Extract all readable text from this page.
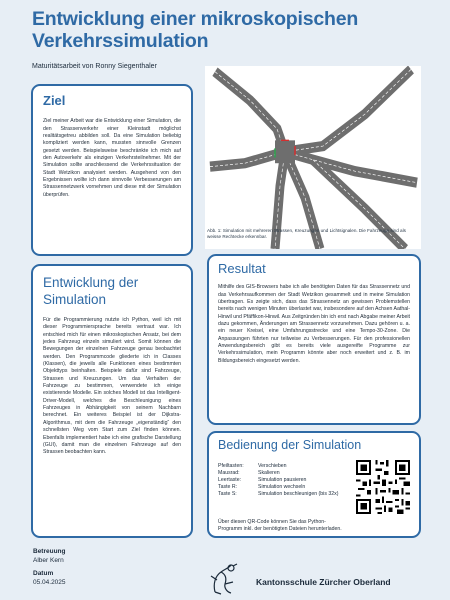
Entwicklung einer mikroskopischen Verkehrssimulation
Maturitätsarbeit von Ronny Siegenthaler
Ziel

Ziel meiner Arbeit war die Entwicklung einer Simulation, die den Strassenverkehr einer Kleinstadt möglichst realitätsgetreu abbilden soll. Da eine Simulation beliebig kompliziert werden kann, mussten sinnvolle Grenzen gesetzt werden. Beispielsweise beschränkte ich mich auf den Autoverkehr als einzigen Verkehrsteilnehmer. Mit der Simulation sollte anschliessend die Verkehrssituation der Stadt Wetzikon analysiert werden. Ausgehend von den Ergebnissen wollte ich dann sinnvolle Verbesserungen am Strassennetzwerk vornehmen und diese mit der Simulation überprüfen.

Entwicklung der Simulation

Für die Programmierung nutzte ich Python, weil ich mit dieser Programmiersprache bereits vertraut war. Ich entschied mich für einen mikroskopischen Ansatz, bei dem jedes Fahrzeug einzeln simuliert wird. Somit können die Bewegungen der einzelnen Fahrzeuge genau beobachtet werden. Den Programmcode gliederte ich in Classes (Klassen), die jeweils alle Funktionen eines bestimmten Objekttyps beinhalten. Beispiele dafür sind Fahrzeuge, Strassen und Kreuzungen. Um das Verhalten der Fahrzeuge zu bestimmen, verwendete ich einige existierende Modelle. Ein solches Modell ist das Intelligent-Driver-Modell, welches die Beschleunigung eines Fahrzeuges in Abhängigkeit von seinem Nachbarn berechnet. Ein weiteres Beispiel ist der Dijkstra-Algorithmus, mit dem die Fahrzeuge „eigenständig“ den schnellsten Weg vom Start zum Ziel finden können. Ebenfalls implementiert habe ich eine grafische Darstellung (GUI), damit man die einzelnen Fahrzeuge auf den Strassen beobachten kann.

Betreuung
Alber Kern
Datum
05.04.2025
Abb. 1: Simulation mit mehreren Strassen, Kreuzungen und Lichtsignalen. Die Fahrzeuge sind als weisse Rechtecke erkennbar.
Resultat

Mithilfe des GIS-Browsers habe ich alle benötigten Daten für das Strassennetz und das Verkehrsaufkommen der Stadt Wetzikon gesammelt und in meine Simulation übertragen. Es zeigte sich, dass das Strassennetz an gewissen Problemstellen bereits nach wenigen Minuten überlastet war, insbesondere auf den Achsen Aathal-Hinwil und Pfäffikon-Hinwil. Aus Zeitgründen bin ich erst nach Abgabe meiner Arbeit dazu gekommen, Änderungen am Strassennetz vorzunehmen. Dazu gehören u. a. ein neuer Kreisel, eine Umfahrungsstrecke und eine Tempo-30-Zone. Die Anpassungen führten nur teilweise zu Verbesserungen. Für den professionellen Anwendungsbereich gibt es bereits viele ausgereifte Programme zur Verkehrssimulation, mein Programm könnte aber noch erweitert und z. B. im Bildungsbereich eingesetzt werden.

Bedienung der Simulation
Pfeiltasten:	Verschieben
Mausrad:	Skalieren
Leertaste:	Simulation pausieren
Taste R:	Simulation wechseln
Taste S:	Simulation beschleunigen (bis 32x)

Über diesen QR-Code können Sie das Python-Programm inkl. der benötigten Dateien herunterladen.

Kantonsschule Zürcher Oberland
